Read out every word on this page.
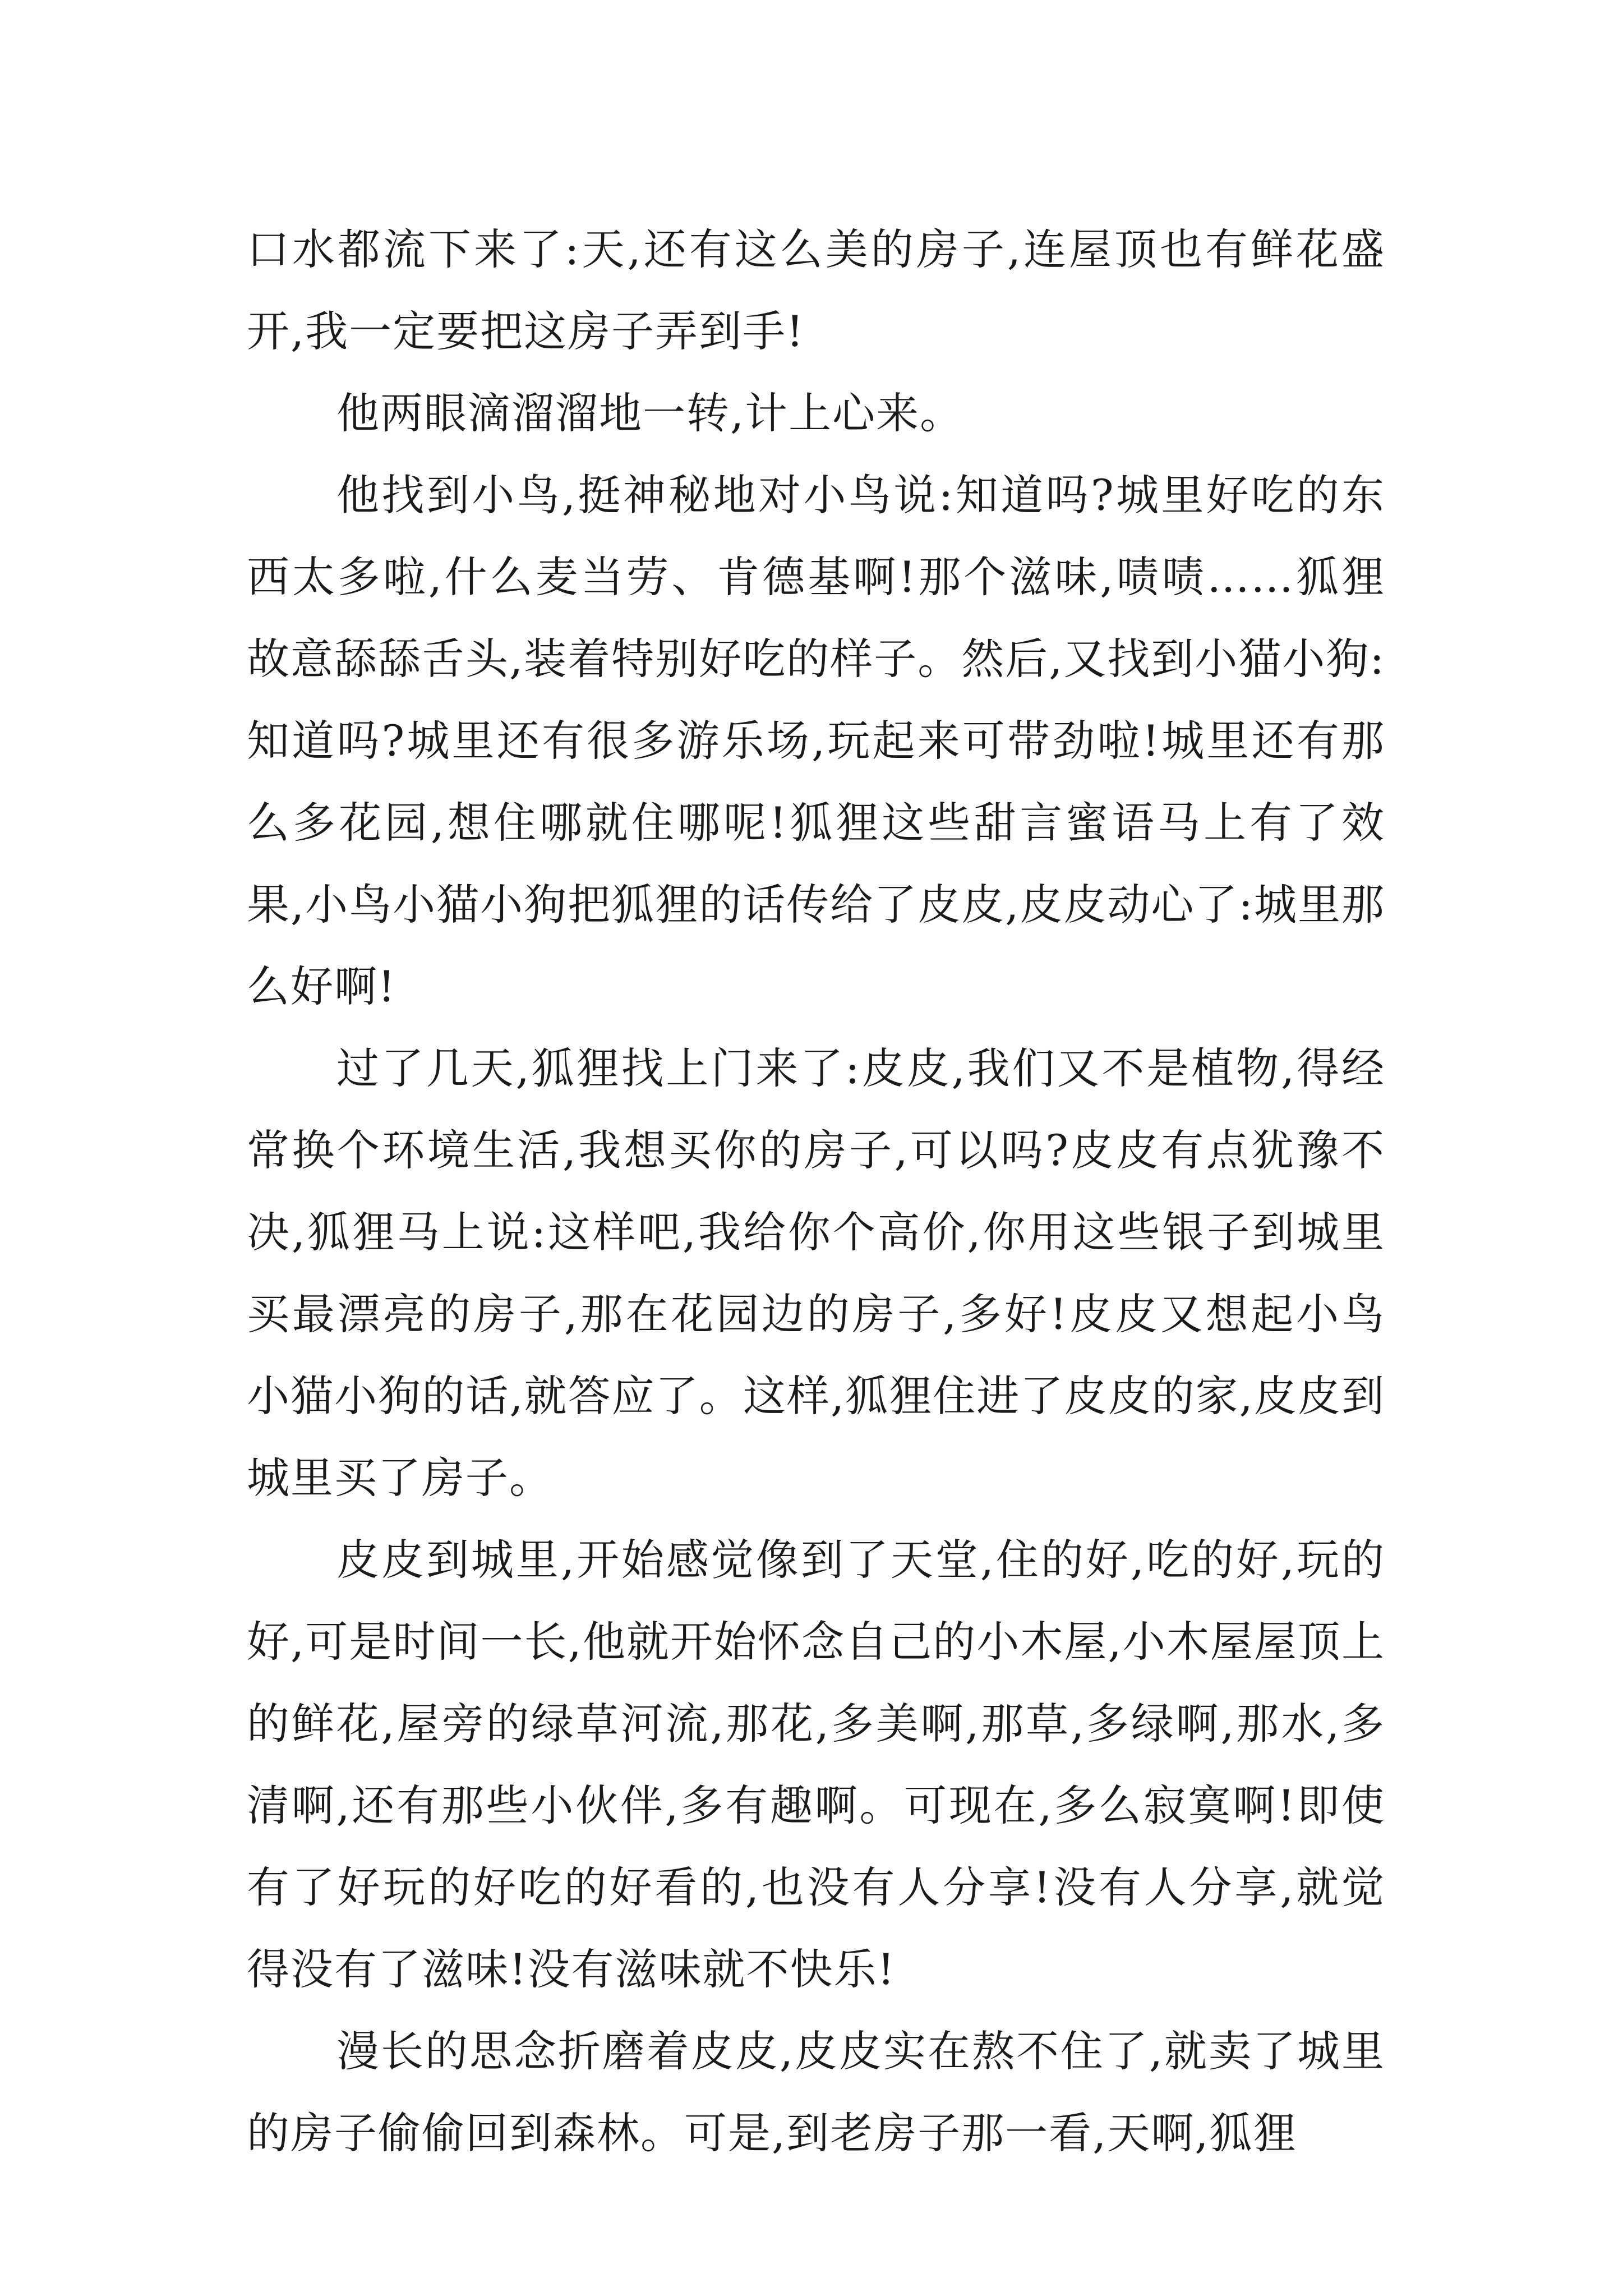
口水都流下来了:天,还有这么美的房子,连屋顶也有鲜花盛开,我一定要把这房子弄到手!

他两眼滴溜溜地一转,计上心来。

他找到小鸟,挺神秘地对小鸟说:知道吗?城里好吃的东西太多啦,什么麦当劳、肯德基啊!那个滋味,啧啧……狐狸故意舔舔舌头,装着特别好吃的样子。然后,又找到小猫小狗:知道吗?城里还有很多游乐场,玩起来可带劲啦!城里还有那么多花园,想住哪就住哪呢!狐狸这些甜言蜜语马上有了效果,小鸟小猫小狗把狐狸的话传给了皮皮,皮皮动心了:城里那么好啊!

过了几天,狐狸找上门来了:皮皮,我们又不是植物,得经常换个环境生活,我想买你的房子,可以吗?皮皮有点犹豫不决,狐狸马上说:这样吧,我给你个高价,你用这些银子到城里买最漂亮的房子,那在花园边的房子,多好!皮皮又想起小鸟小猫小狗的话,就答应了。这样,狐狸住进了皮皮的家,皮皮到城里买了房子。

皮皮到城里,开始感觉像到了天堂,住的好,吃的好,玩的好,可是时间一长,他就开始怀念自己的小木屋,小木屋屋顶上的鲜花,屋旁的绿草河流,那花,多美啊,那草,多绿啊,那水,多清啊,还有那些小伙伴,多有趣啊。可现在,多么寂寞啊!即使有了好玩的好吃的好看的,也没有人分享!没有人分享,就觉得没有了滋味!没有滋味就不快乐!

漫长的思念折磨着皮皮,皮皮实在熬不住了,就卖了城里的房子偷偷回到森林。可是,到老房子那一看,天啊,狐狸
